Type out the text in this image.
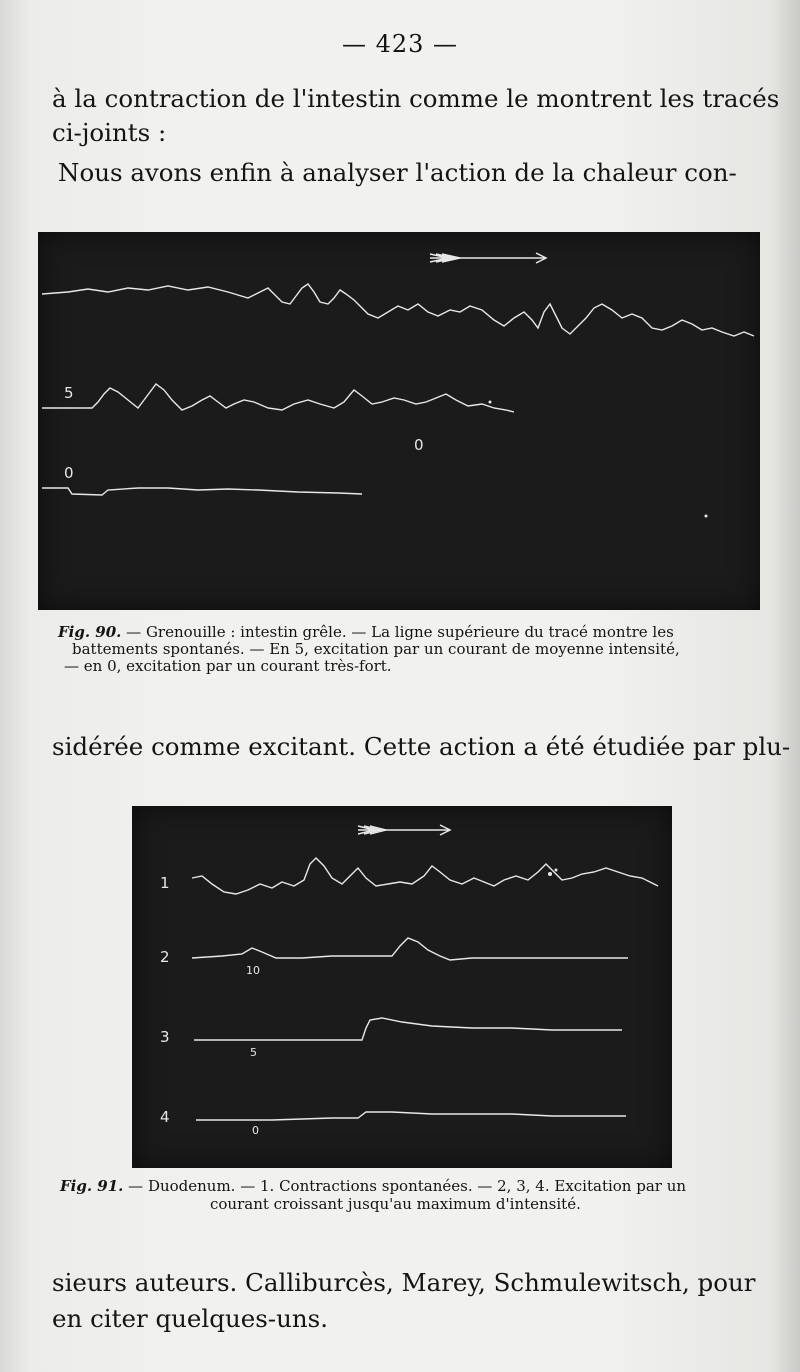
— 423 —
à la contraction de l'intestin comme le montrent les tracés
ci-joints :
Nous avons enfin à analyser l'action de la chaleur con-
5
0
0
Fig. 90. — Grenouille : intestin grêle. — La ligne supérieure du tracé montre les
battements spontanés. — En 5, excitation par un courant de moyenne intensité,
— en 0, excitation par un courant très-fort.
sidérée comme excitant. Cette action a été étudiée par plu-
1
2
10
3
5
4
0
Fig. 91. — Duodenum. — 1. Contractions spontanées. — 2, 3, 4. Excitation par un
courant croissant jusqu'au maximum d'intensité.
sieurs auteurs. Calliburcès, Marey, Schmulewitsch, pour
en citer quelques-uns.
